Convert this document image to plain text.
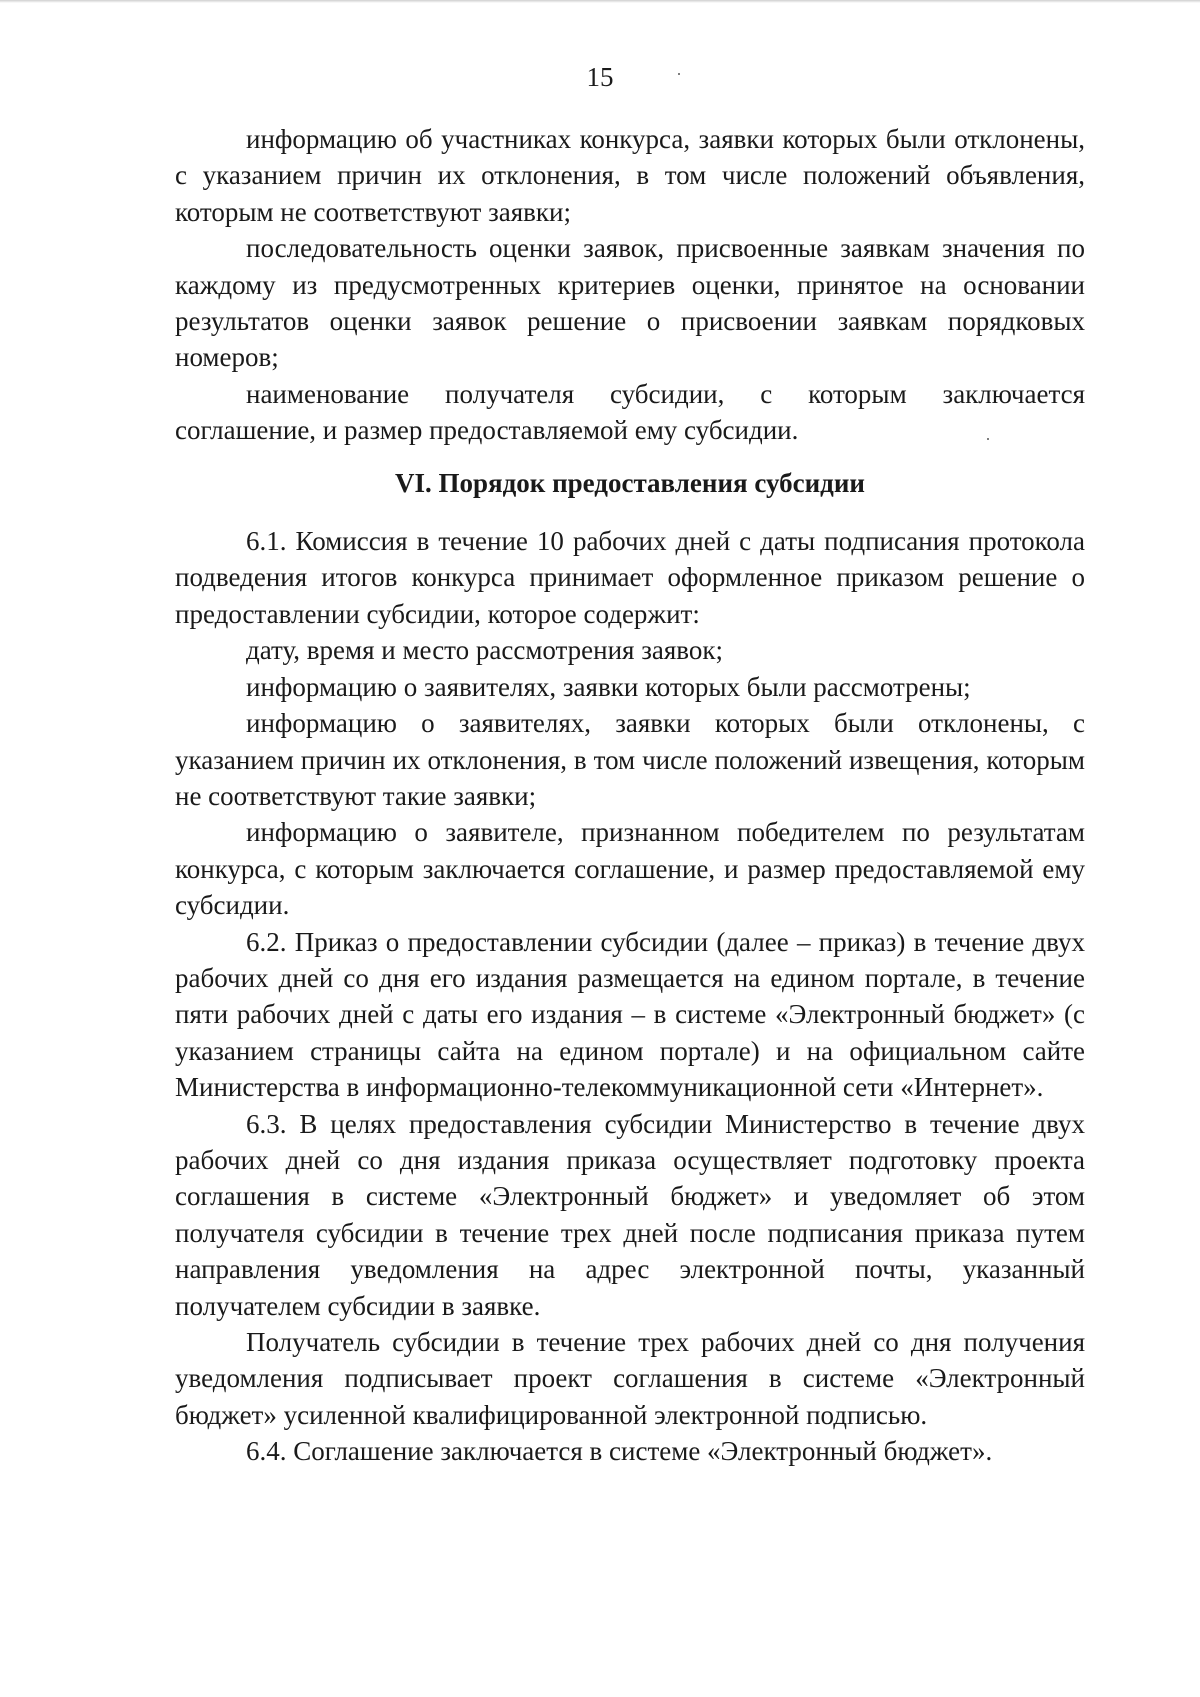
15

информацию об участниках конкурса, заявки которых были отклонены, с указанием причин их отклонения, в том числе положений объявления, которым не соответствуют заявки;

последовательность оценки заявок, присвоенные заявкам значения по каждому из предусмотренных критериев оценки, принятое на основании результатов оценки заявок решение о присвоении заявкам порядковых номеров;

наименование получателя субсидии, с которым заключается соглашение, и размер предоставляемой ему субсидии.

VI. Порядок предоставления субсидии

6.1. Комиссия в течение 10 рабочих дней с даты подписания протокола подведения итогов конкурса принимает оформленное приказом решение о предоставлении субсидии, которое содержит:

дату, время и место рассмотрения заявок;

информацию о заявителях, заявки которых были рассмотрены;

информацию о заявителях, заявки которых были отклонены, с указанием причин их отклонения, в том числе положений извещения, которым не соответствуют такие заявки;

информацию о заявителе, признанном победителем по результатам конкурса, с которым заключается соглашение, и размер предоставляемой ему субсидии.

6.2. Приказ о предоставлении субсидии (далее – приказ) в течение двух рабочих дней со дня его издания размещается на едином портале, в течение пяти рабочих дней с даты его издания – в системе «Электронный бюджет» (с указанием страницы сайта на едином портале) и на официальном сайте Министерства в информационно-телекоммуникационной сети «Интернет».

6.3. В целях предоставления субсидии Министерство в течение двух рабочих дней со дня издания приказа осуществляет подготовку проекта соглашения в системе «Электронный бюджет» и уведомляет об этом получателя субсидии в течение трех дней после подписания приказа путем направления уведомления на адрес электронной почты, указанный получателем субсидии в заявке.

Получатель субсидии в течение трех рабочих дней со дня получения уведомления подписывает проект соглашения в системе «Электронный бюджет» усиленной квалифицированной электронной подписью.

6.4. Соглашение заключается в системе «Электронный бюджет».
